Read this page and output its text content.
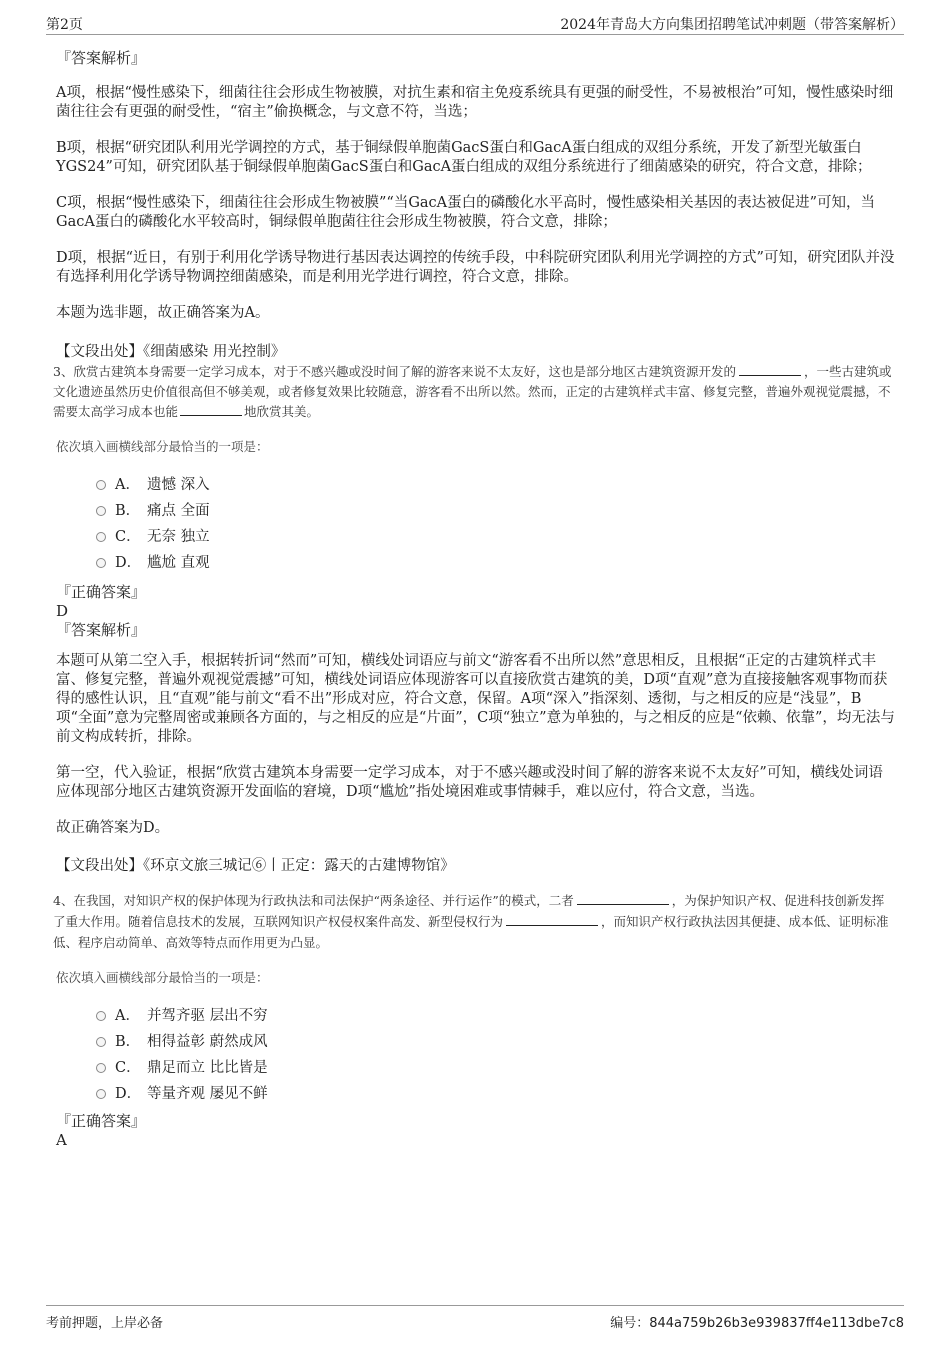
第2页	2024年青岛大方向集团招聘笔试冲刺题（带答案解析）
『答案解析』

A项，根据“慢性感染下，细菌往往会形成生物被膜，对抗生素和宿主免疫系统具有更强的耐受性，不易被根治”可知，慢性感染时细菌往往会有更强的耐受性，“宿主”偷换概念，与文意不符，当选；

B项，根据“研究团队利用光学调控的方式，基于铜绿假单胞菌GacS蛋白和GacA蛋白组成的双组分系统，开发了新型光敏蛋白YGS24”可知，研究团队基于铜绿假单胞菌GacS蛋白和GacA蛋白组成的双组分系统进行了细菌感染的研究，符合文意，排除；

C项，根据“慢性感染下，细菌往往会形成生物被膜”“当GacA蛋白的磷酸化水平高时，慢性感染相关基因的表达被促进”可知，当GacA蛋白的磷酸化水平较高时，铜绿假单胞菌往往会形成生物被膜，符合文意，排除；

D项，根据“近日，有别于利用化学诱导物进行基因表达调控的传统手段，中科院研究团队利用光学调控的方式”可知，研究团队并没有选择利用化学诱导物调控细菌感染，而是利用光学进行调控，符合文意，排除。

本题为选非题，故正确答案为A。

【文段出处】《细菌感染 用光控制》

3、欣赏古建筑本身需要一定学习成本，对于不感兴趣或没时间了解的游客来说不太友好，这也是部分地区古建筑资源开发的	，一些古建筑或文化遗迹虽然历史价值很高但不够美观，或者修复效果比较随意，游客看不出所以然。然而，正定的古建筑样式丰富、修复完整，普遍外观视觉震撼，不需要太高学习成本也能	地欣赏其美。
依次填入画横线部分最恰当的一项是：
A． 遗憾 深入
B． 痛点 全面
C． 无奈 独立
D． 尴尬 直观
『正确答案』
D
『答案解析』

本题可从第二空入手，根据转折词“然而”可知，横线处词语应与前文“游客看不出所以然”意思相反，且根据“正定的古建筑样式丰富、修复完整，普遍外观视觉震撼”可知，横线处词语应体现游客可以直接欣赏古建筑的美，D项“直观”意为直接接触客观事物而获得的感性认识，且“直观”能与前文“看不出”形成对应，符合文意，保留。A项“深入”指深刻、透彻，与之相反的应是“浅显”，B项“全面”意为完整周密或兼顾各方面的，与之相反的应是“片面”，C项“独立”意为单独的，与之相反的应是“依赖、依靠”，均无法与前文构成转折，排除。

第一空，代入验证，根据“欣赏古建筑本身需要一定学习成本，对于不感兴趣或没时间了解的游客来说不太友好”可知，横线处词语应体现部分地区古建筑资源开发面临的窘境，D项“尴尬”指处境困难或事情棘手，难以应付，符合文意，当选。

故正确答案为D。

【文段出处】《环京文旅三城记⑥丨正定：露天的古建博物馆》

4、在我国，对知识产权的保护体现为行政执法和司法保护“两条途径、并行运作”的模式，二者	，为保护知识产权、促进科技创新发挥了重大作用。随着信息技术的发展，互联网知识产权侵权案件高发、新型侵权行为	，而知识产权行政执法因其便捷、成本低、证明标准低、程序启动简单、高效等特点而作用更为凸显。
依次填入画横线部分最恰当的一项是：
A． 并驾齐驱 层出不穷
B． 相得益彰 蔚然成风
C． 鼎足而立 比比皆是
D． 等量齐观 屡见不鲜
『正确答案』
A
考前押题，上岸必备	编号：844a759b26b3e939837ff4e113dbe7c8
